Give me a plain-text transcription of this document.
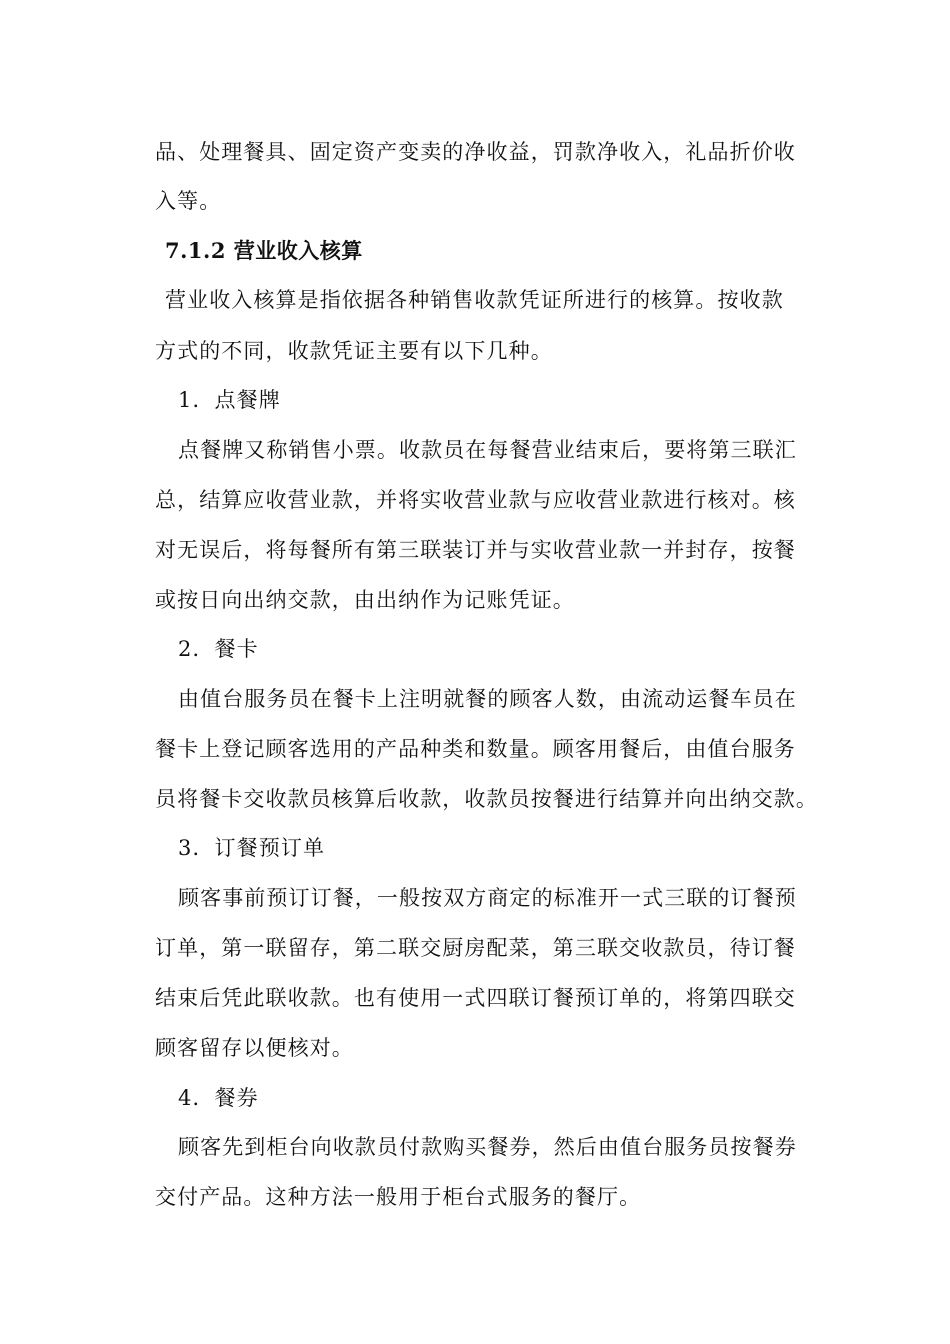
品、处理餐具、固定资产变卖的净收益，罚款净收入，礼品折价收

入等。

7.1.2 营业收入核算

营业收入核算是指依据各种销售收款凭证所进行的核算。按收款

方式的不同，收款凭证主要有以下几种。

1．点餐牌

点餐牌又称销售小票。收款员在每餐营业结束后，要将第三联汇

总，结算应收营业款，并将实收营业款与应收营业款进行核对。核

对无误后，将每餐所有第三联装订并与实收营业款一并封存，按餐

或按日向出纳交款，由出纳作为记账凭证。

2．餐卡

由值台服务员在餐卡上注明就餐的顾客人数，由流动运餐车员在

餐卡上登记顾客选用的产品种类和数量。顾客用餐后，由值台服务

员将餐卡交收款员核算后收款，收款员按餐进行结算并向出纳交款。

3．订餐预订单

顾客事前预订订餐，一般按双方商定的标准开一式三联的订餐预

订单，第一联留存，第二联交厨房配菜，第三联交收款员，待订餐

结束后凭此联收款。也有使用一式四联订餐预订单的，将第四联交

顾客留存以便核对。

4．餐券

顾客先到柜台向收款员付款购买餐券，然后由值台服务员按餐券

交付产品。这种方法一般用于柜台式服务的餐厅。
